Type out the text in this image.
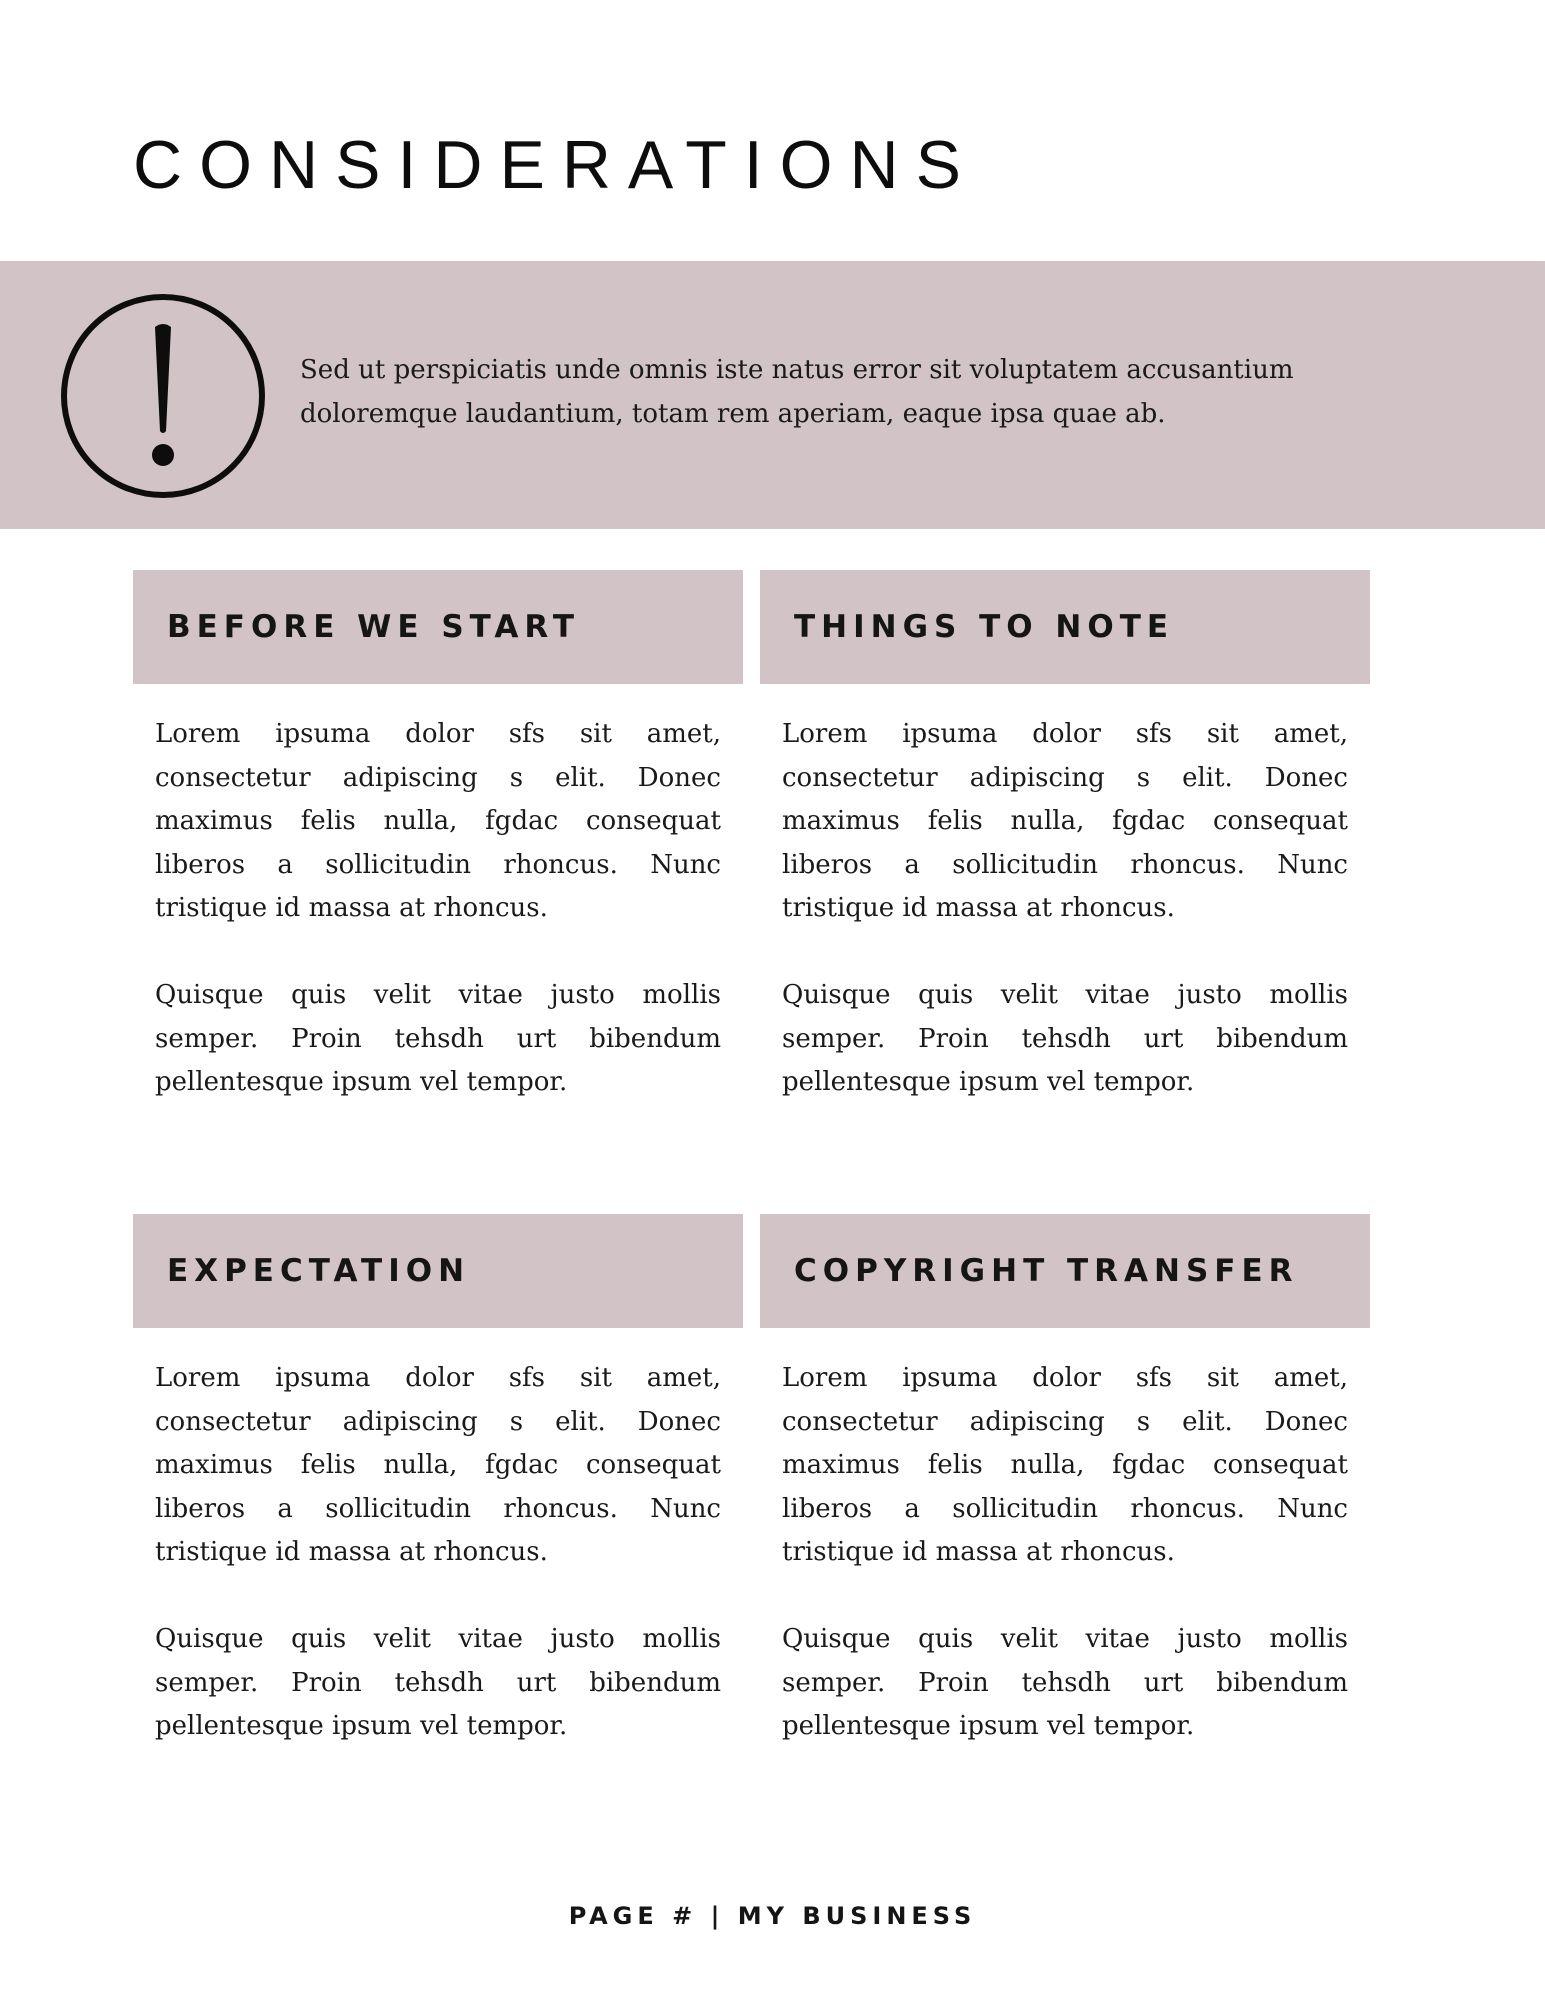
CONSIDERATIONS

Sed ut perspiciatis unde omnis iste natus error sit voluptatem accusantium doloremque laudantium, totam rem aperiam, eaque ipsa quae ab.

BEFORE WE START

Lorem ipsuma dolor sfs sit amet, consectetur adipiscing s elit. Donec maximus felis nulla, fgdac consequat liberos a sollicitudin rhoncus. Nunc tristique id massa at rhoncus.

Quisque quis velit vitae justo mollis semper. Proin tehsdh urt bibendum pellentesque ipsum vel tempor.

THINGS TO NOTE

Lorem ipsuma dolor sfs sit amet, consectetur adipiscing s elit. Donec maximus felis nulla, fgdac consequat liberos a sollicitudin rhoncus. Nunc tristique id massa at rhoncus.

Quisque quis velit vitae justo mollis semper. Proin tehsdh urt bibendum pellentesque ipsum vel tempor.

EXPECTATION

Lorem ipsuma dolor sfs sit amet, consectetur adipiscing s elit. Donec maximus felis nulla, fgdac consequat liberos a sollicitudin rhoncus. Nunc tristique id massa at rhoncus.

Quisque quis velit vitae justo mollis semper. Proin tehsdh urt bibendum pellentesque ipsum vel tempor.

COPYRIGHT TRANSFER

Lorem ipsuma dolor sfs sit amet, consectetur adipiscing s elit. Donec maximus felis nulla, fgdac consequat liberos a sollicitudin rhoncus. Nunc tristique id massa at rhoncus.

Quisque quis velit vitae justo mollis semper. Proin tehsdh urt bibendum pellentesque ipsum vel tempor.

PAGE # | MY BUSINESS
